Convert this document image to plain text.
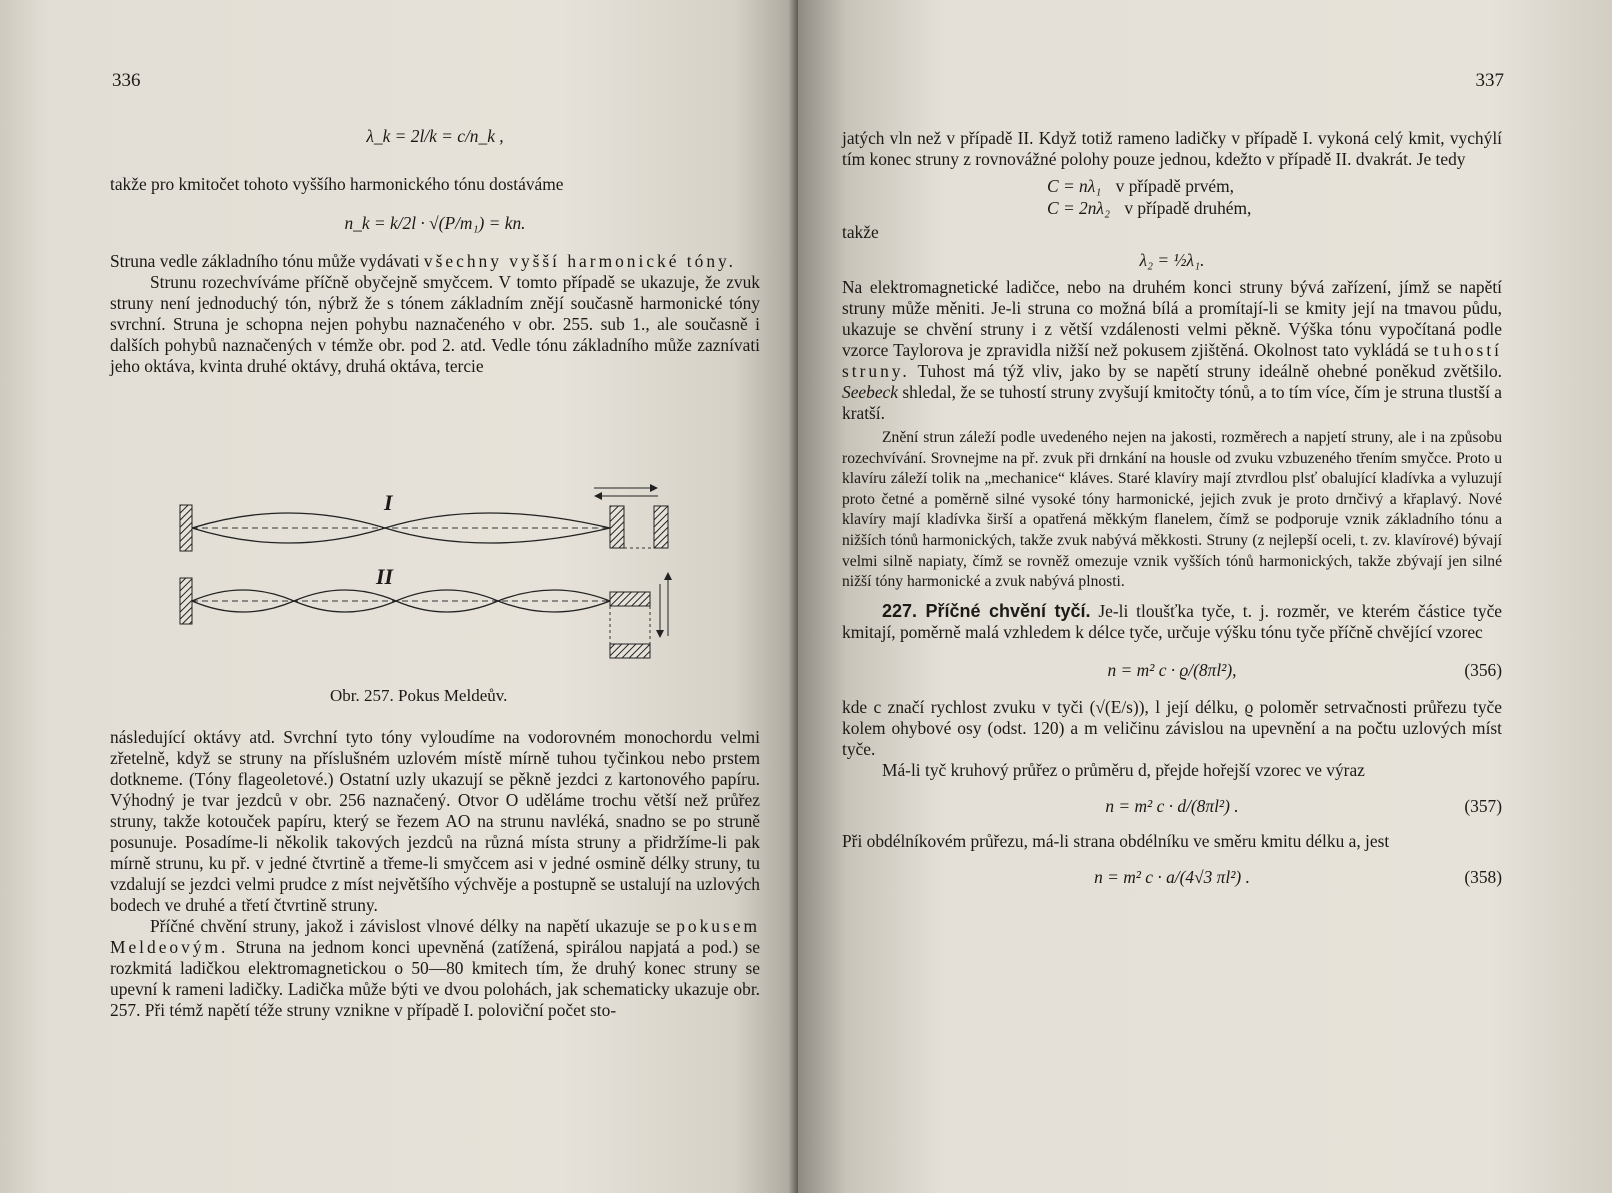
336
λ_k = 2l/k = c/n_k ,

takže pro kmitočet tohoto vyššího harmonického tónu dostáváme

n_k = k/2l · √(P/m₁) = kn.

Struna vedle základního tónu může vydávati všechny vyšší harmonické tóny.

Strunu rozechvíváme příčně obyčejně smyčcem. V tomto případě se ukazuje, že zvuk struny není jednoduchý tón, nýbrž že s tónem základním znějí současně harmonické tóny svrchní. Struna je schopna nejen pohybu naznačeného v obr. 255. sub 1., ale současně i dalších pohybů naznačených v témže obr. pod 2. atd. Vedle tónu základního může zaznívati jeho oktáva, kvinta druhé oktávy, druhá oktáva, tercie

I
II
Obr. 257. Pokus Meldeův.

následující oktávy atd. Svrchní tyto tóny vyloudíme na vodorovném monochordu velmi zřetelně, když se struny na příslušném uzlovém místě mírně tuhou tyčinkou nebo prstem dotkneme. (Tóny flageoletové.) Ostatní uzly ukazují se pěkně jezdci z kartonového papíru. Výhodný je tvar jezdců v obr. 256 naznačený. Otvor O uděláme trochu větší než průřez struny, takže kotouček papíru, který se řezem AO na strunu navléká, snadno se po struně posunuje. Posadíme-li několik takových jezdců na různá místa struny a přidržíme-li pak mírně strunu, ku př. v jedné čtvrtině a třeme-li smyčcem asi v jedné osmině délky struny, tu vzdalují se jezdci velmi prudce z míst největšího výchvěje a postupně se ustalují na uzlových bodech ve druhé a třetí čtvrtině struny.

Příčné chvění struny, jakož i závislost vlnové délky na napětí ukazuje se pokusem Meldeovým. Struna na jednom konci upevněná (zatížená, spirálou napjatá a pod.) se rozkmitá ladičkou elektromagnetickou o 50—80 kmitech tím, že druhý konec struny se upevní k rameni ladičky. Ladička může býti ve dvou polohách, jak schematicky ukazuje obr. 257. Při témž napětí téže struny vznikne v případě I. poloviční počet sto-

337

jatých vln než v případě II. Když totiž rameno ladičky v případě I. vykoná celý kmit, vychýlí tím konec struny z rovnovážné polohy pouze jednou, kdežto v případě II. dvakrát. Je tedy

C = nλ₁ v případě prvém,
C = 2nλ₂ v případě druhém,

takže

λ₂ = ½λ₁.

Na elektromagnetické ladičce, nebo na druhém konci struny bývá zařízení, jímž se napětí struny může měniti. Je-li struna co možná bílá a promítají-li se kmity její na tmavou půdu, ukazuje se chvění struny i z větší vzdálenosti velmi pěkně. Výška tónu vypočítaná podle vzorce Taylorova je zpravidla nižší než pokusem zjištěná. Okolnost tato vykládá se tuhostí struny. Tuhost má týž vliv, jako by se napětí struny ideálně ohebné poněkud zvětšilo. Seebeck shledal, že se tuhostí struny zvyšují kmitočty tónů, a to tím více, čím je struna tlustší a kratší.

Znění strun záleží podle uvedeného nejen na jakosti, rozměrech a napjetí struny, ale i na způsobu rozechvívání. Srovnejme na př. zvuk při drnkání na housle od zvuku vzbuzeného třením smyčce. Proto u klavíru záleží tolik na „mechanice“ kláves. Staré klavíry mají ztvrdlou plsť obalující kladívka a vyluzují proto četné a poměrně silné vysoké tóny harmonické, jejich zvuk je proto drnčivý a křaplavý. Nové klavíry mají kladívka širší a opatřená měkkým flanelem, čímž se podporuje vznik základního tónu a nižších tónů harmonických, takže zvuk nabývá měkkosti. Struny (z nejlepší oceli, t. zv. klavírové) bývají velmi silně napiaty, čímž se rovněž omezuje vznik vyšších tónů harmonických, takže zbývají jen silné nižší tóny harmonické a zvuk nabývá plnosti.

227. Příčné chvění tyčí. Je-li tloušťka tyče, t. j. rozměr, ve kterém částice tyče kmitají, poměrně malá vzhledem k délce tyče, určuje výšku tónu tyče příčně chvějící vzorec

n = m² c · ϱ/(8πl²),	(356)

kde c značí rychlost zvuku v tyči (√(E/s)), l její délku, ϱ poloměr setrvačnosti průřezu tyče kolem ohybové osy (odst. 120) a m veličinu závislou na upevnění a na počtu uzlových míst tyče.

Má-li tyč kruhový průřez o průměru d, přejde hořejší vzorec ve výraz

n = m² c · d/(8πl²) .	(357)

Při obdélníkovém průřezu, má-li strana obdélníku ve směru kmitu délku a, jest

n = m² c · a/(4√3 πl²) .	(358)
